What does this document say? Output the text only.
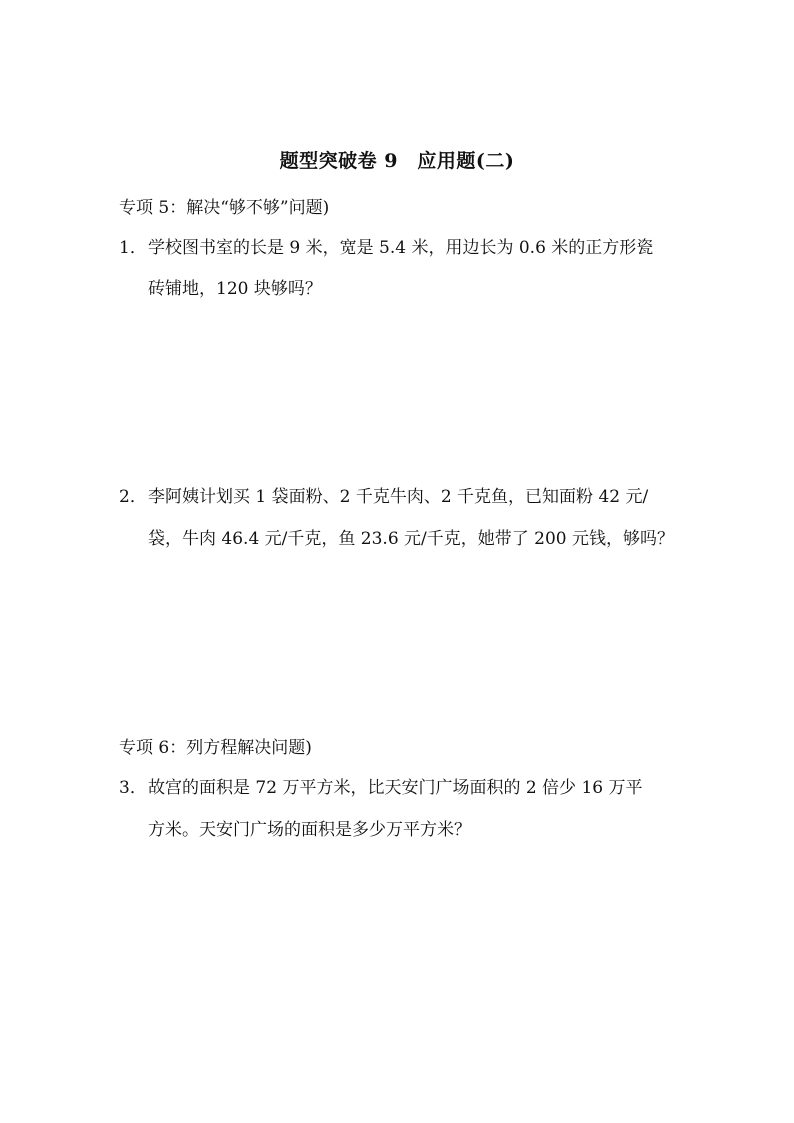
题型突破卷 9　应用题(二)
专项 5：解决“够不够”问题)
1．学校图书室的长是 9 米，宽是 5.4 米，用边长为 0.6 米的正方形瓷
砖铺地，120 块够吗？
2．李阿姨计划买 1 袋面粉、2 千克牛肉、2 千克鱼，已知面粉 42 元/
袋，牛肉 46.4 元/千克，鱼 23.6 元/千克，她带了 200 元钱，够吗？
专项 6：列方程解决问题)
3．故宫的面积是 72 万平方米，比天安门广场面积的 2 倍少 16 万平
方米。天安门广场的面积是多少万平方米？
